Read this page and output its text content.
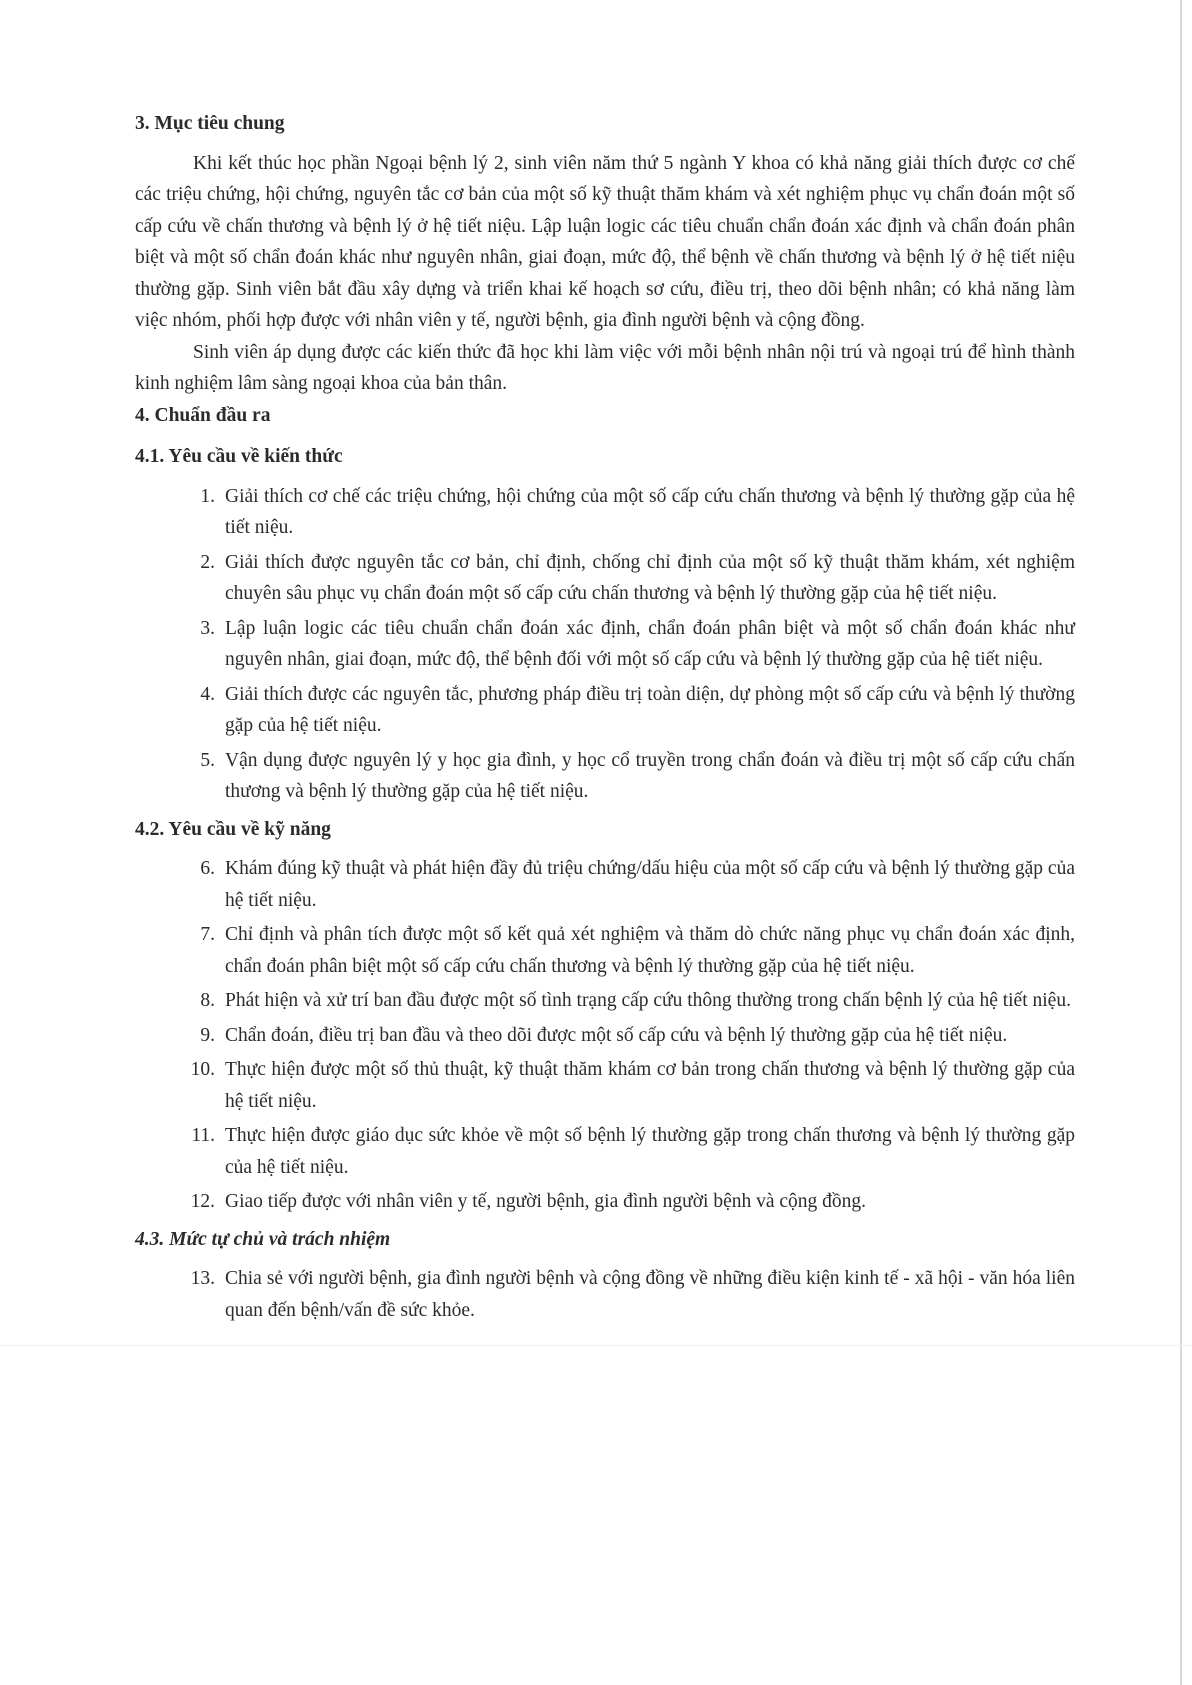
3. Mục tiêu chung

Khi kết thúc học phần Ngoại bệnh lý 2, sinh viên năm thứ 5 ngành Y khoa có khả năng giải thích được cơ chế các triệu chứng, hội chứng, nguyên tắc cơ bản của một số kỹ thuật thăm khám và xét nghiệm phục vụ chẩn đoán một số cấp cứu về chấn thương và bệnh lý ở hệ tiết niệu. Lập luận logic các tiêu chuẩn chẩn đoán xác định và chẩn đoán phân biệt và một số chẩn đoán khác như nguyên nhân, giai đoạn, mức độ, thể bệnh về chấn thương và bệnh lý ở hệ tiết niệu thường gặp. Sinh viên bắt đầu xây dựng và triển khai kế hoạch sơ cứu, điều trị, theo dõi bệnh nhân; có khả năng làm việc nhóm, phối hợp được với nhân viên y tế, người bệnh, gia đình người bệnh và cộng đồng.

Sinh viên áp dụng được các kiến thức đã học khi làm việc với mỗi bệnh nhân nội trú và ngoại trú để hình thành kinh nghiệm lâm sàng ngoại khoa của bản thân.

4. Chuẩn đầu ra
4.1. Yêu cầu về kiến thức
1. Giải thích cơ chế các triệu chứng, hội chứng của một số cấp cứu chấn thương và bệnh lý thường gặp của hệ tiết niệu.
2. Giải thích được nguyên tắc cơ bản, chỉ định, chống chỉ định của một số kỹ thuật thăm khám, xét nghiệm chuyên sâu phục vụ chẩn đoán một số cấp cứu chấn thương và bệnh lý thường gặp của hệ tiết niệu.
3. Lập luận logic các tiêu chuẩn chẩn đoán xác định, chẩn đoán phân biệt và một số chẩn đoán khác như nguyên nhân, giai đoạn, mức độ, thể bệnh đối với một số cấp cứu và bệnh lý thường gặp của hệ tiết niệu.
4. Giải thích được các nguyên tắc, phương pháp điều trị toàn diện, dự phòng một số cấp cứu và bệnh lý thường gặp của hệ tiết niệu.
5. Vận dụng được nguyên lý y học gia đình, y học cổ truyền trong chẩn đoán và điều trị một số cấp cứu chấn thương và bệnh lý thường gặp của hệ tiết niệu.
4.2. Yêu cầu về kỹ năng
6. Khám đúng kỹ thuật và phát hiện đầy đủ triệu chứng/dấu hiệu của một số cấp cứu và bệnh lý thường gặp của hệ tiết niệu.
7. Chỉ định và phân tích được một số kết quả xét nghiệm và thăm dò chức năng phục vụ chẩn đoán xác định, chẩn đoán phân biệt một số cấp cứu chấn thương và bệnh lý thường gặp của hệ tiết niệu.
8. Phát hiện và xử trí ban đầu được một số tình trạng cấp cứu thông thường trong chấn bệnh lý của hệ tiết niệu.
9. Chẩn đoán, điều trị ban đầu và theo dõi được một số cấp cứu và bệnh lý thường gặp của hệ tiết niệu.
10. Thực hiện được một số thủ thuật, kỹ thuật thăm khám cơ bản trong chấn thương và bệnh lý thường gặp của hệ tiết niệu.
11. Thực hiện được giáo dục sức khỏe về một số bệnh lý thường gặp trong chấn thương và bệnh lý thường gặp của hệ tiết niệu.
12. Giao tiếp được với nhân viên y tế, người bệnh, gia đình người bệnh và cộng đồng.
4.3. Mức tự chủ và trách nhiệm
13. Chia sẻ với người bệnh, gia đình người bệnh và cộng đồng về những điều kiện kinh tế - xã hội - văn hóa liên quan đến bệnh/vấn đề sức khỏe.
